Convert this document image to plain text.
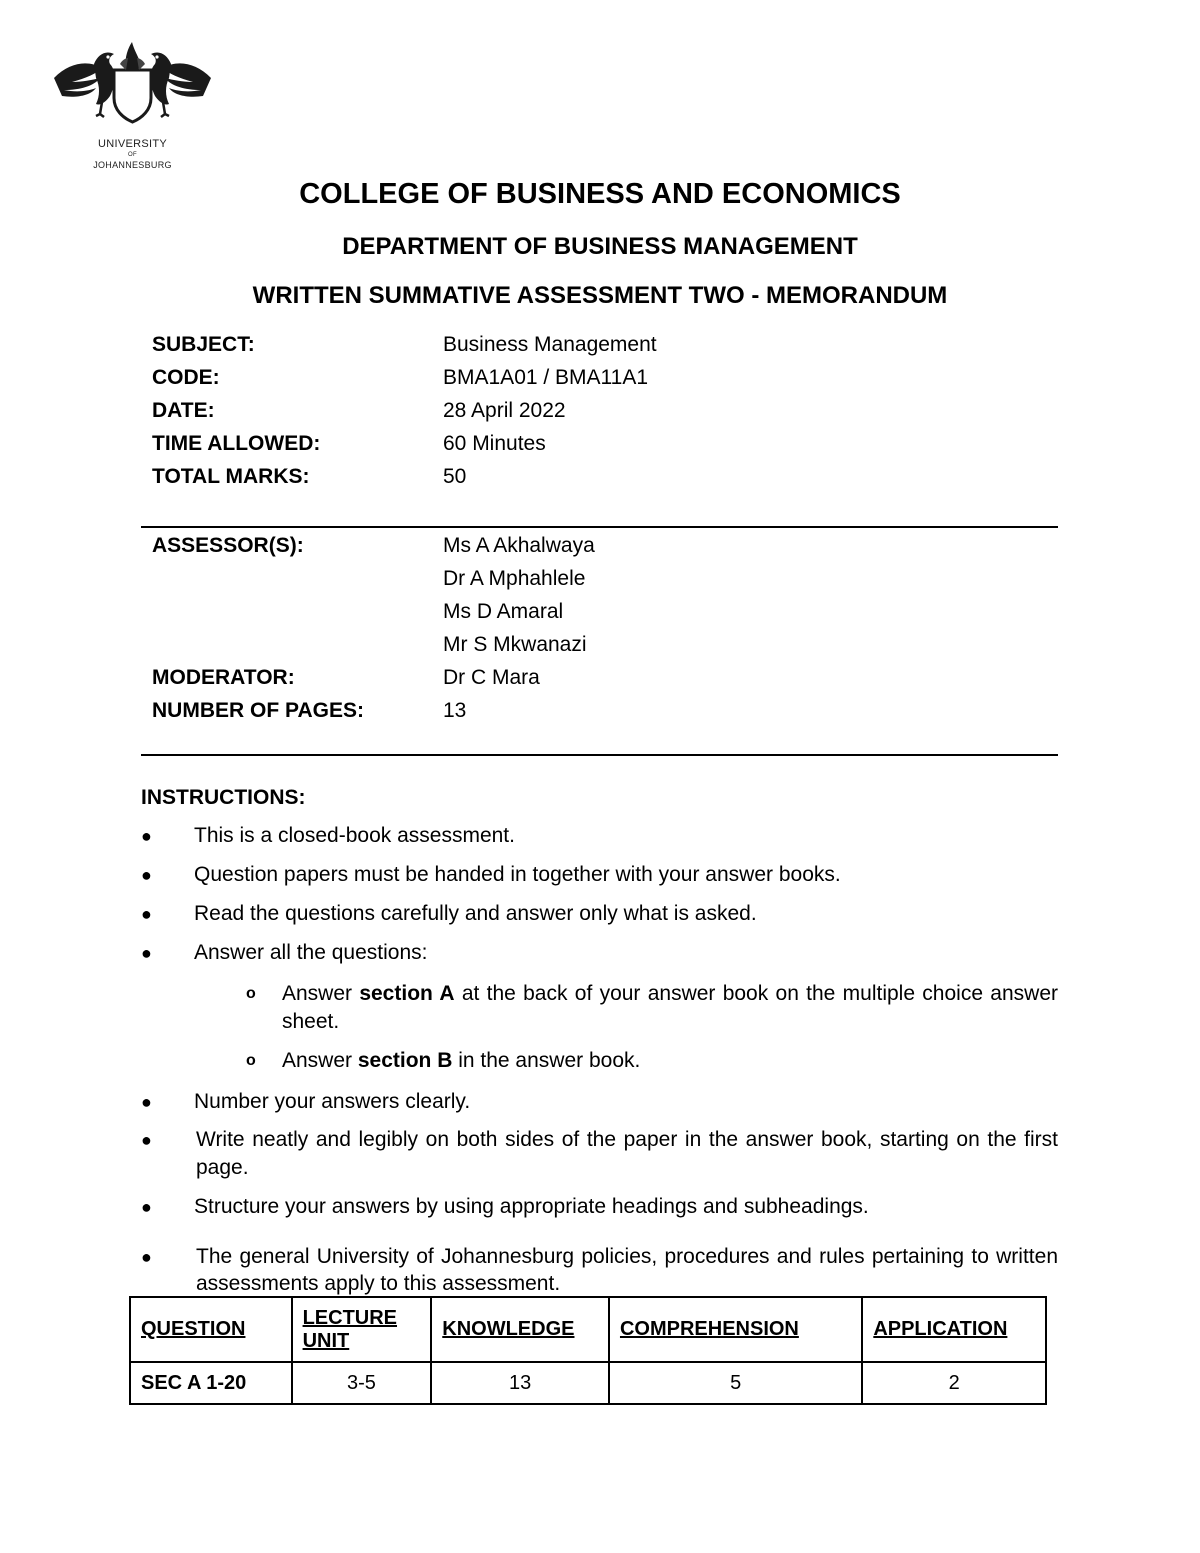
UNIVERSITY
OF
JOHANNESBURG
COLLEGE OF BUSINESS AND ECONOMICS
DEPARTMENT OF BUSINESS MANAGEMENT
WRITTEN SUMMATIVE ASSESSMENT TWO - MEMORANDUM
SUBJECT:	Business Management
CODE:	BMA1A01 / BMA11A1
DATE:	28 April 2022
TIME ALLOWED:	60 Minutes
TOTAL MARKS:	50
ASSESSOR(S):	Ms A Akhalwaya
Dr A Mphahlele
Ms D Amaral
Mr S Mkwanazi
MODERATOR:	Dr C Mara
NUMBER OF PAGES:	13
INSTRUCTIONS:
● This is a closed-book assessment.
● Question papers must be handed in together with your answer books.
● Read the questions carefully and answer only what is asked.
● Answer all the questions:
o Answer section A at the back of your answer book on the multiple choice answer sheet.
o Answer section B in the answer book.
● Number your answers clearly.
● Write neatly and legibly on both sides of the paper in the answer book, starting on the first page.
● Structure your answers by using appropriate headings and subheadings.
● The general University of Johannesburg policies, procedures and rules pertaining to written assessments apply to this assessment.
QUESTION	LECTURE UNIT	KNOWLEDGE	COMPREHENSION	APPLICATION
SEC A 1-20	3-5	13	5	2
